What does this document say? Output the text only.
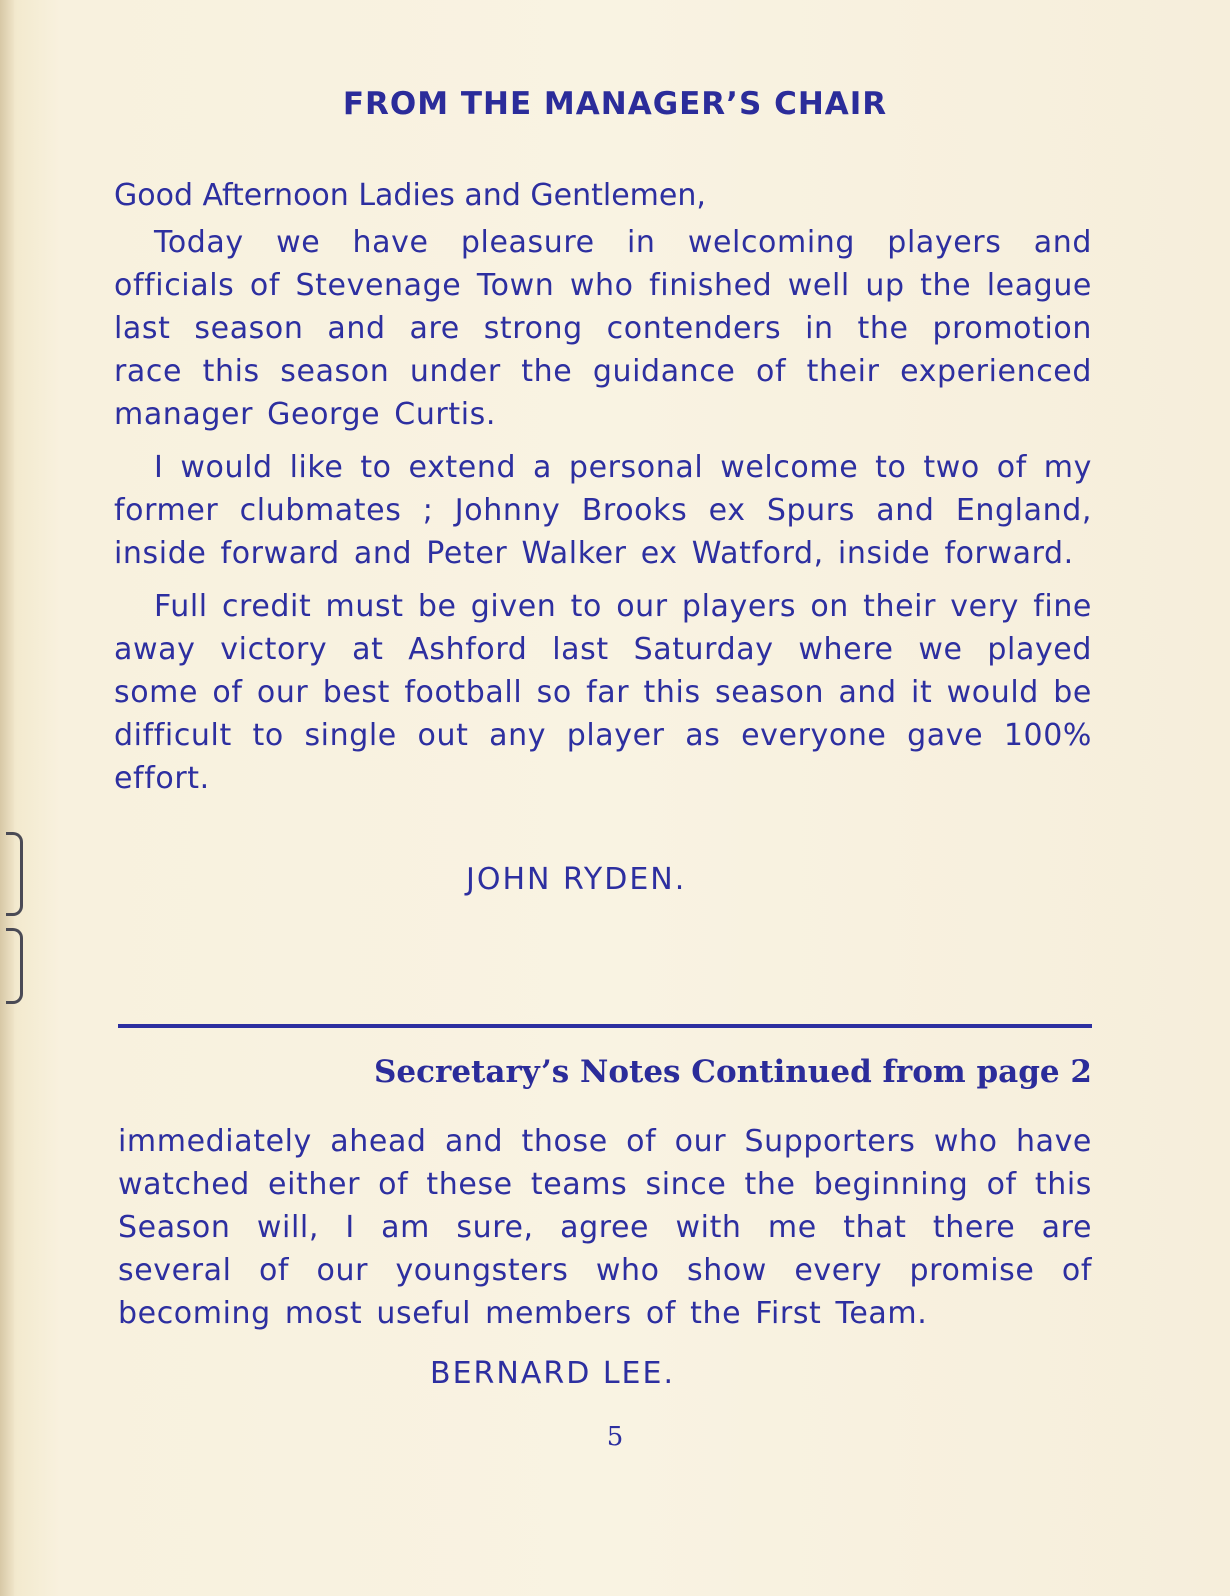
FROM THE MANAGER’S CHAIR

Good Afternoon Ladies and Gentlemen,

Today we have pleasure in welcoming players and officials of Stevenage Town who finished well up the league last season and are strong contenders in the promotion race this season under the guidance of their experienced manager George Curtis.

I would like to extend a personal welcome to two of my former clubmates ; Johnny Brooks ex Spurs and England, inside forward and Peter Walker ex Watford, inside forward.

Full credit must be given to our players on their very fine away victory at Ashford last Saturday where we played some of our best football so far this season and it would be difficult to single out any player as everyone gave 100% effort.

JOHN RYDEN.
Secretary’s Notes Continued from page 2

immediately ahead and those of our Supporters who have watched either of these teams since the beginning of this Season will, I am sure, agree with me that there are several of our youngsters who show every promise of becoming most useful members of the First Team.

BERNARD LEE.
5
